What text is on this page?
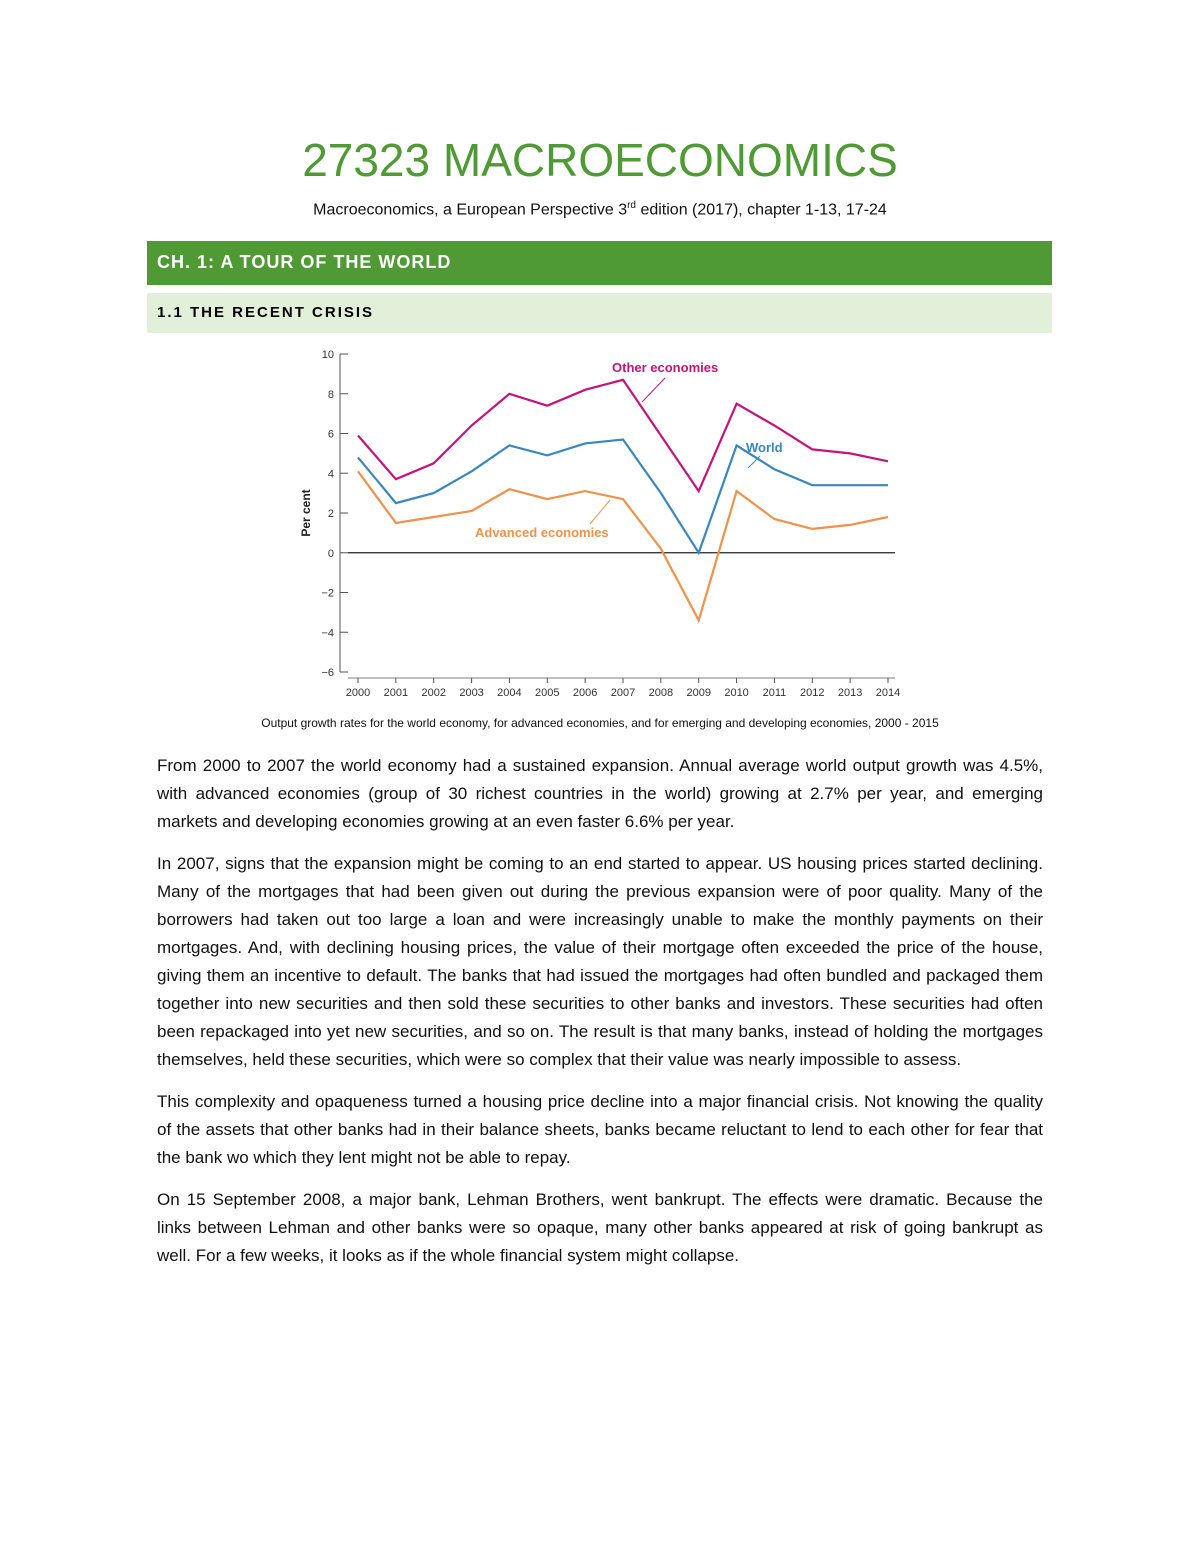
27323 MACROECONOMICS
Macroeconomics, a European Perspective 3rd edition (2017), chapter 1-13, 17-24
CH. 1: A TOUR OF THE WORLD
1.1 THE RECENT CRISIS
10
8
6
4
2
0
−2
−4
−6
2000 2001 2002 2003 2004 2005 2006 2007 2008 2009 2010 2011 2012 2013 2014
Per cent
Other economies
World
Advanced economies
Output growth rates for the world economy, for advanced economies, and for emerging and developing economies, 2000 - 2015

From 2000 to 2007 the world economy had a sustained expansion. Annual average world output growth was 4.5%, with advanced economies (group of 30 richest countries in the world) growing at 2.7% per year, and emerging markets and developing economies growing at an even faster 6.6% per year.

In 2007, signs that the expansion might be coming to an end started to appear. US housing prices started declining. Many of the mortgages that had been given out during the previous expansion were of poor quality. Many of the borrowers had taken out too large a loan and were increasingly unable to make the monthly payments on their mortgages. And, with declining housing prices, the value of their mortgage often exceeded the price of the house, giving them an incentive to default. The banks that had issued the mortgages had often bundled and packaged them together into new securities and then sold these securities to other banks and investors. These securities had often been repackaged into yet new securities, and so on. The result is that many banks, instead of holding the mortgages themselves, held these securities, which were so complex that their value was nearly impossible to assess.

This complexity and opaqueness turned a housing price decline into a major financial crisis. Not knowing the quality of the assets that other banks had in their balance sheets, banks became reluctant to lend to each other for fear that the bank wo which they lent might not be able to repay.

On 15 September 2008, a major bank, Lehman Brothers, went bankrupt. The effects were dramatic. Because the links between Lehman and other banks were so opaque, many other banks appeared at risk of going bankrupt as well. For a few weeks, it looks as if the whole financial system might collapse.
